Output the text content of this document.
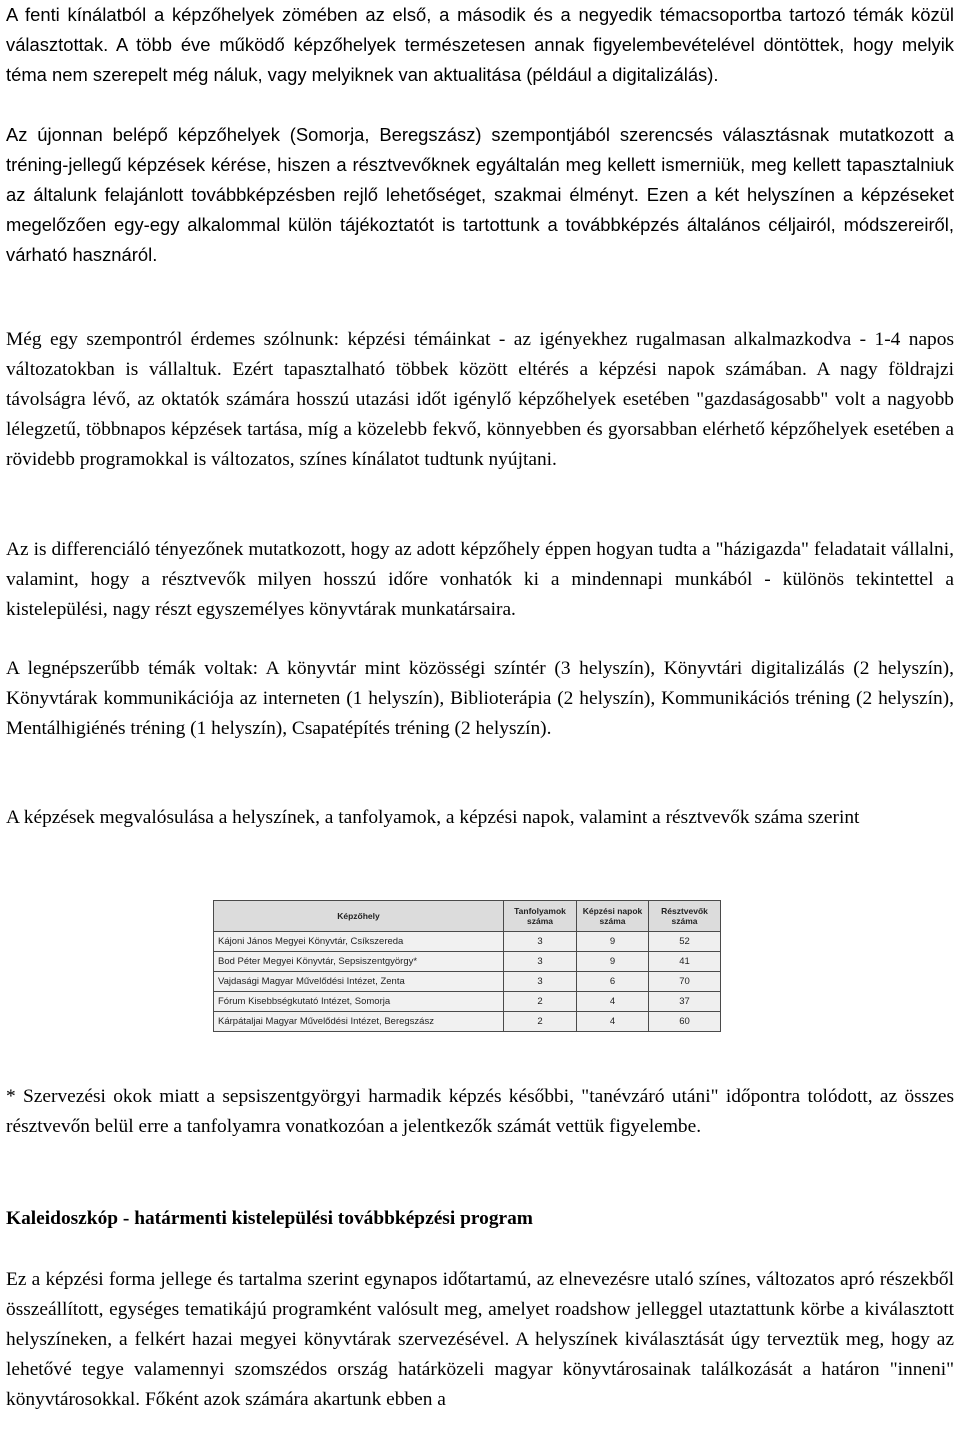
A fenti kínálatból a képzőhelyek zömében az első, a második és a negyedik témacsoportba tartozó témák közül választottak. A több éve működő képzőhelyek természetesen annak figyelembevételével döntöttek, hogy melyik téma nem szerepelt még náluk, vagy melyiknek van aktualitása (például a digitalizálás).

Az újonnan belépő képzőhelyek (Somorja, Beregszász) szempontjából szerencsés választásnak mutatkozott a tréning-jellegű képzések kérése, hiszen a résztvevőknek egyáltalán meg kellett ismerniük, meg kellett tapasztalniuk az általunk felajánlott továbbképzésben rejlő lehetőséget, szakmai élményt. Ezen a két helyszínen a képzéseket megelőzően egy-egy alkalommal külön tájékoztatót is tartottunk a továbbképzés általános céljairól, módszereiről, várható hasznáról.

Még egy szempontról érdemes szólnunk: képzési témáinkat - az igényekhez rugalmasan alkalmazkodva - 1-4 napos változatokban is vállaltuk. Ezért tapasztalható többek között eltérés a képzési napok számában. A nagy földrajzi távolságra lévő, az oktatók számára hosszú utazási időt igénylő képzőhelyek esetében "gazdaságosabb" volt a nagyobb lélegzetű, többnapos képzések tartása, míg a közelebb fekvő, könnyebben és gyorsabban elérhető képzőhelyek esetében a rövidebb programokkal is változatos, színes kínálatot tudtunk nyújtani.

Az is differenciáló tényezőnek mutatkozott, hogy az adott képzőhely éppen hogyan tudta a "házigazda" feladatait vállalni, valamint, hogy a résztvevők milyen hosszú időre vonhatók ki a mindennapi munkából - különös tekintettel a kistelepülési, nagy részt egyszemélyes könyvtárak munkatársaira.

A legnépszerűbb témák voltak: A könyvtár mint közösségi színtér (3 helyszín), Könyvtári digitalizálás (2 helyszín), Könyvtárak kommunikációja az interneten (1 helyszín), Biblioterápia (2 helyszín), Kommunikációs tréning (2 helyszín), Mentálhigiénés tréning (1 helyszín), Csapatépítés tréning (2 helyszín).

A képzések megvalósulása a helyszínek, a tanfolyamok, a képzési napok, valamint a résztvevők száma szerint

Képzőhely	Tanfolyamok száma	Képzési napok száma	Résztvevők száma
Kájoni János Megyei Könyvtár, Csíkszereda	3	9	52
Bod Péter Megyei Könyvtár, Sepsiszentgyörgy*	3	9	41
Vajdasági Magyar Művelődési Intézet, Zenta	3	6	70
Fórum Kisebbségkutató Intézet, Somorja	2	4	37
Kárpátaljai Magyar Művelődési Intézet, Beregszász	2	4	60

* Szervezési okok miatt a sepsiszentgyörgyi harmadik képzés későbbi, "tanévzáró utáni" időpontra tolódott, az összes résztvevőn belül erre a tanfolyamra vonatkozóan a jelentkezők számát vettük figyelembe.

Kaleidoszkóp - határmenti kistelepülési továbbképzési program

Ez a képzési forma jellege és tartalma szerint egynapos időtartamú, az elnevezésre utaló színes, változatos apró részekből összeállított, egységes tematikájú programként valósult meg, amelyet roadshow jelleggel utaztattunk körbe a kiválasztott helyszíneken, a felkért hazai megyei könyvtárak szervezésével. A helyszínek kiválasztását úgy terveztük meg, hogy az lehetővé tegye valamennyi szomszédos ország határközeli magyar könyvtárosainak találkozását a határon "inneni" könyvtárosokkal. Főként azok számára akartunk ebben a
